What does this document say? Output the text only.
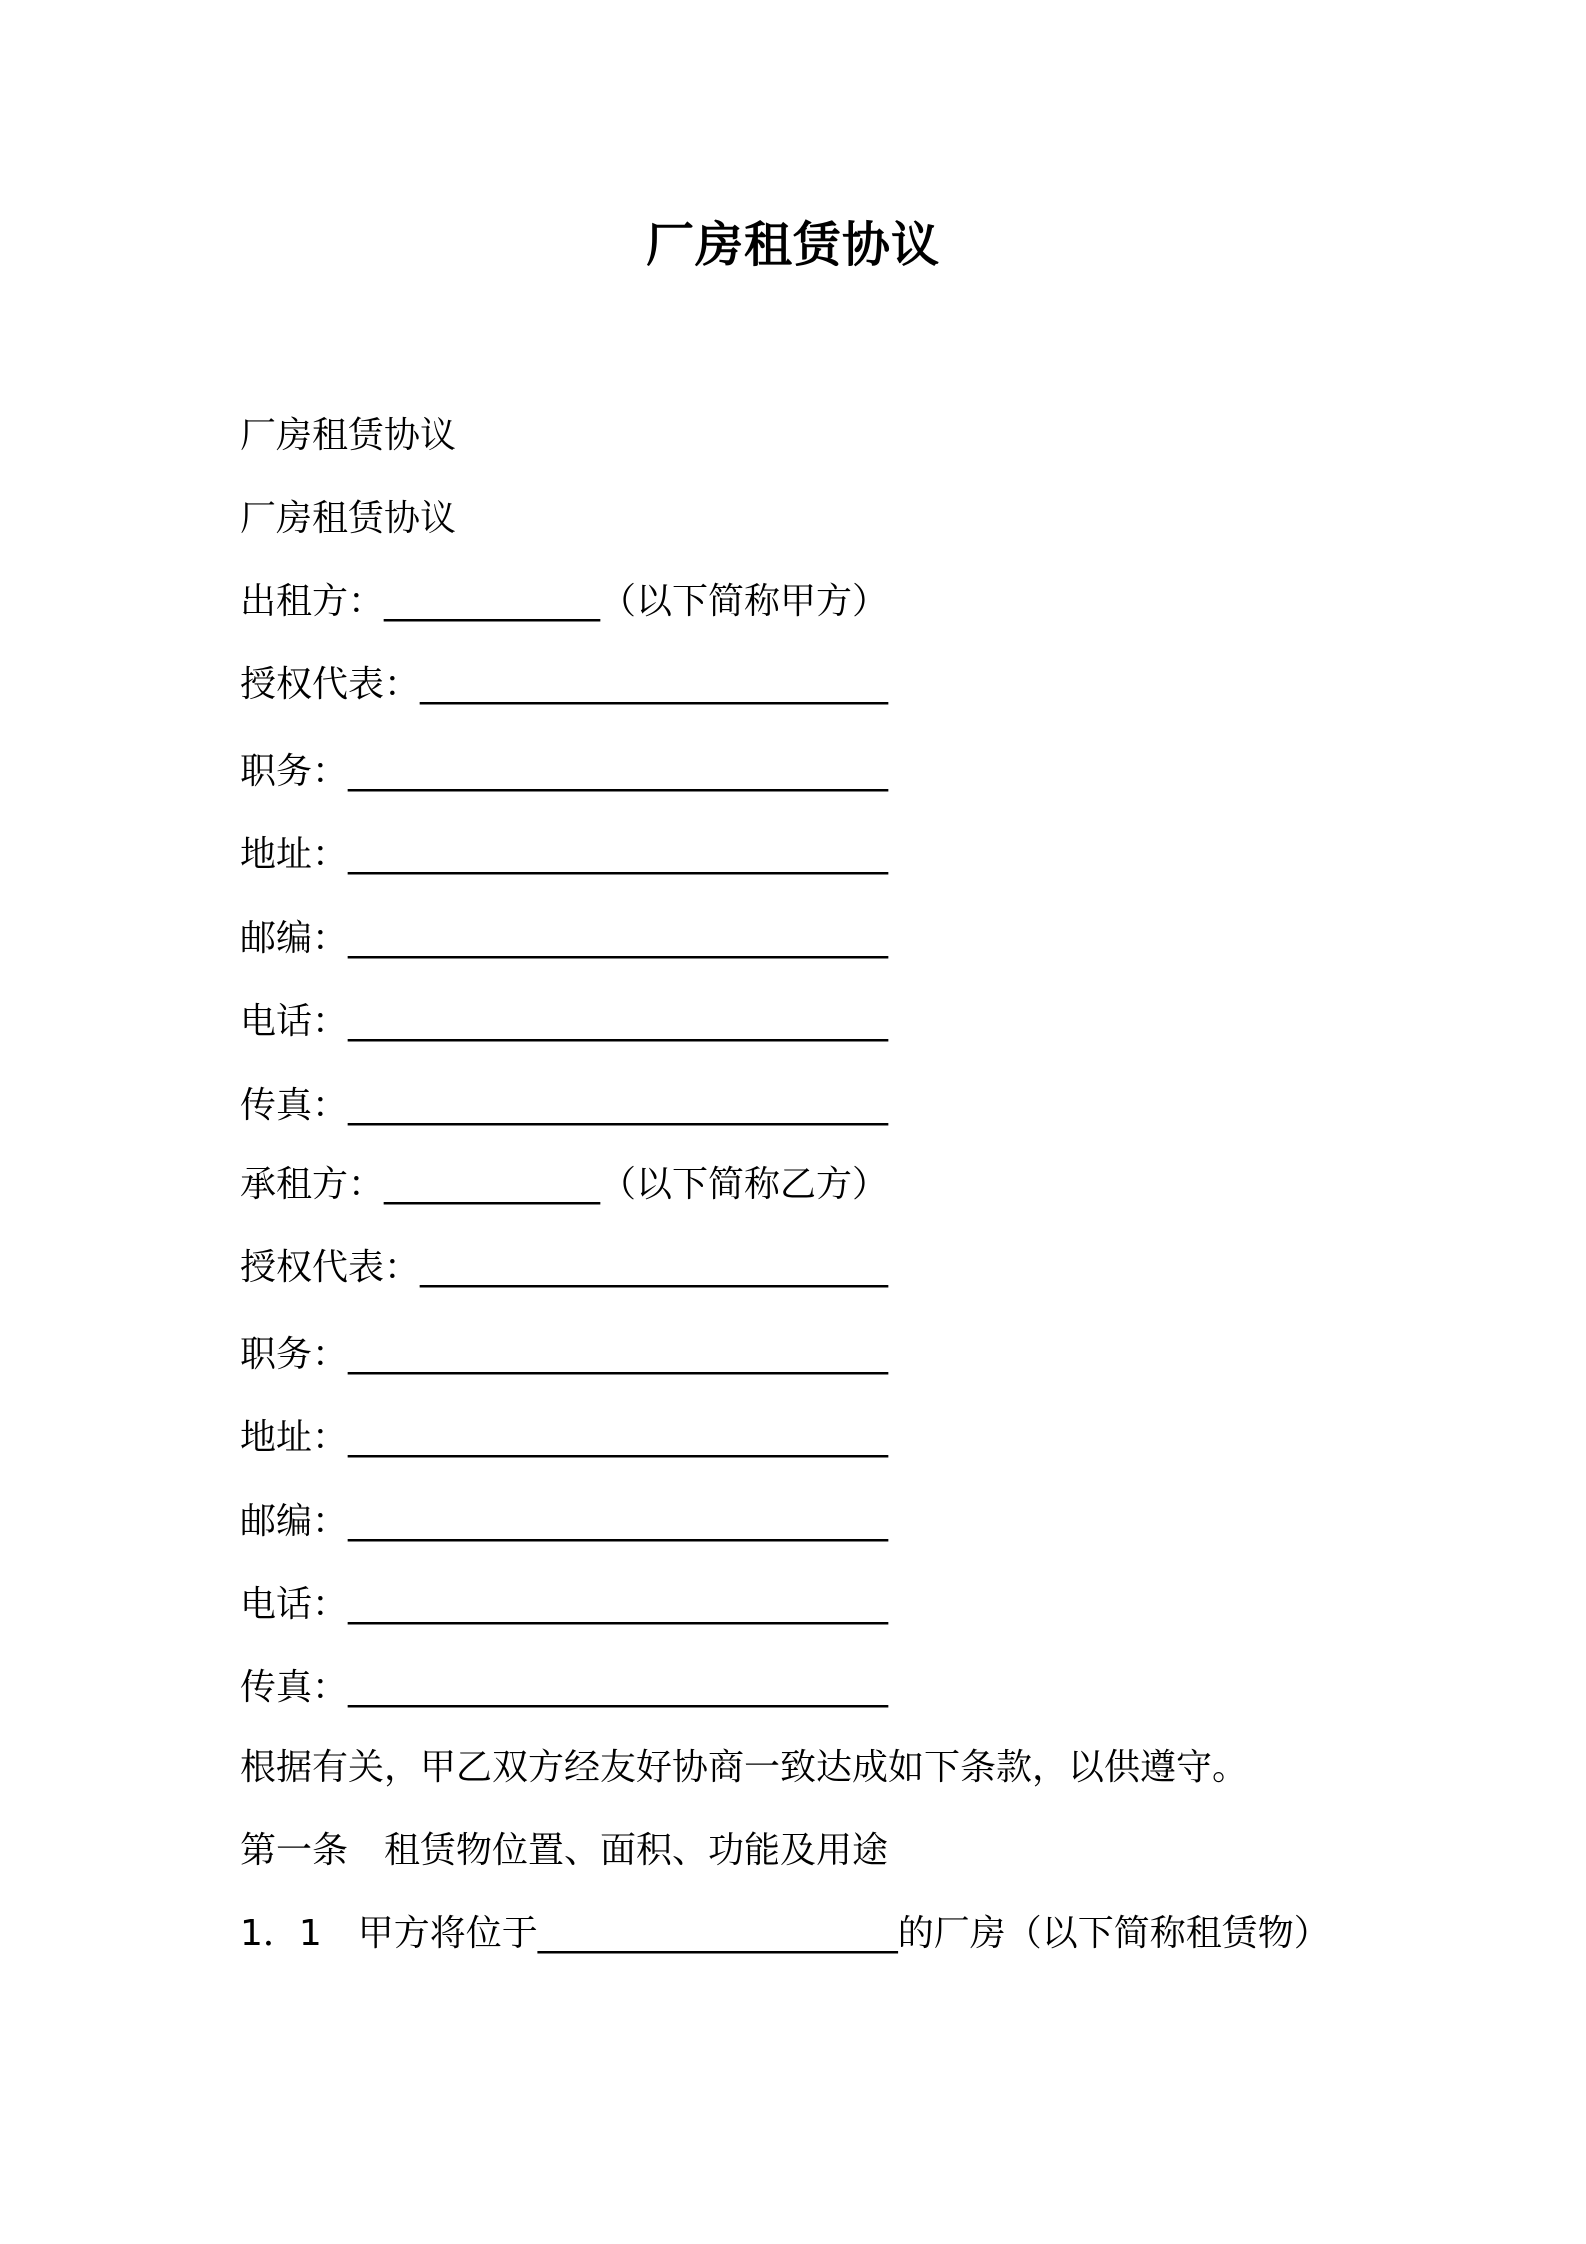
厂房租赁协议

厂房租赁协议

厂房租赁协议

出租方：____________（以下简称甲方）

授权代表：__________________________

职务：______________________________

地址：______________________________

邮编：______________________________

电话：______________________________

传真：______________________________

承租方：____________（以下简称乙方）

授权代表：__________________________

职务：______________________________

地址：______________________________

邮编：______________________________

电话：______________________________

传真：______________________________

根据有关，甲乙双方经友好协商一致达成如下条款，以供遵守。

第一条　租赁物位置、面积、功能及用途

1．1　甲方将位于____________________的厂房（以下简称租赁物）
